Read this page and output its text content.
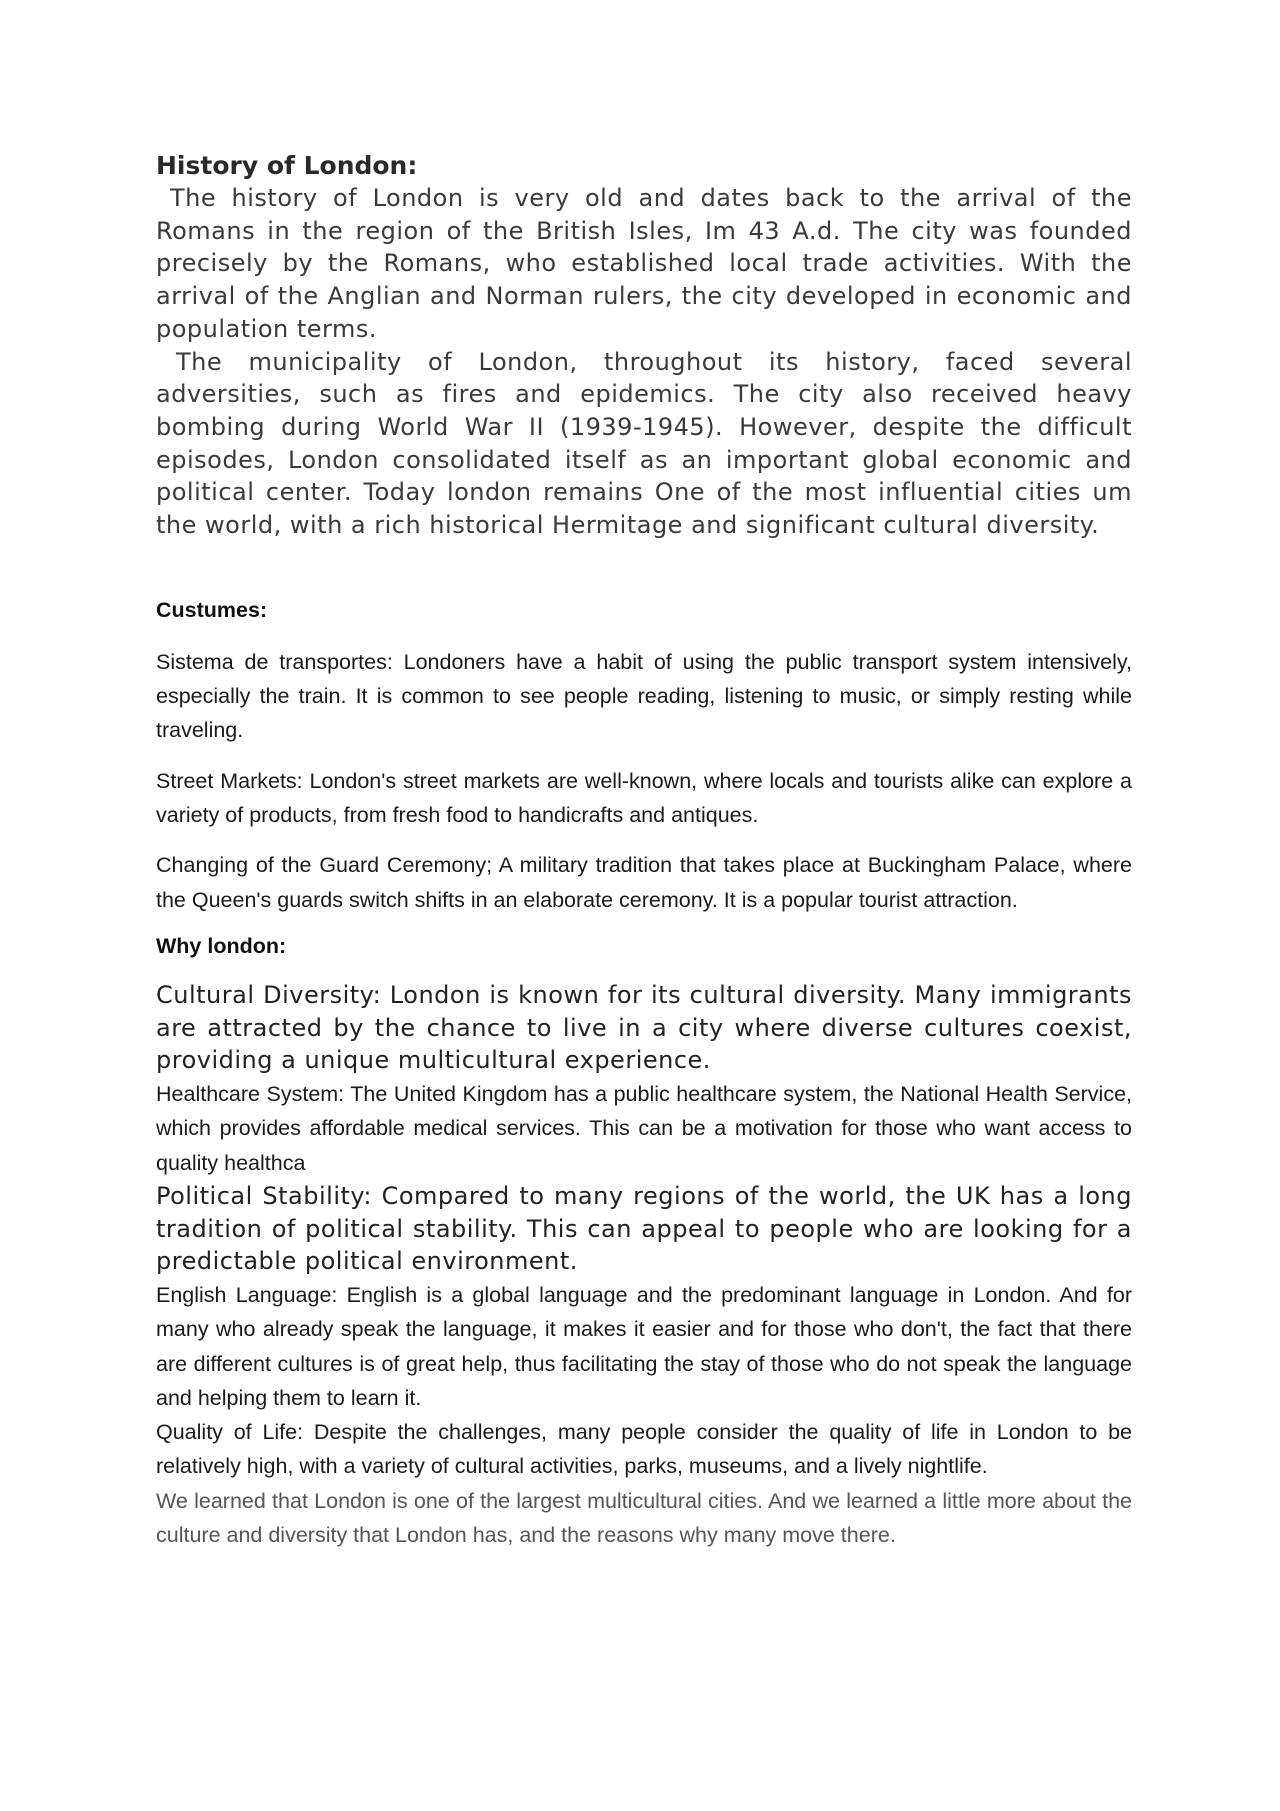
History of London:

The history of London is very old and dates back to the arrival of the Romans in the region of the British Isles, Im 43 A.d. The city was founded precisely by the Romans, who established local trade activities. With the arrival of the Anglian and Norman rulers, the city developed in economic and population terms.

The municipality of London, throughout its history, faced several adversities, such as fires and epidemics. The city also received heavy bombing during World War II (1939-1945). However, despite the difficult episodes, London consolidated itself as an important global economic and political center. Today london remains One of the most influential cities um the world, with a rich historical Hermitage and significant cultural diversity.

Custumes:

Sistema de transportes: Londoners have a habit of using the public transport system intensively, especially the train. It is common to see people reading, listening to music, or simply resting while traveling.

Street Markets: London's street markets are well-known, where locals and tourists alike can explore a variety of products, from fresh food to handicrafts and antiques.

Changing of the Guard Ceremony; A military tradition that takes place at Buckingham Palace, where the Queen's guards switch shifts in an elaborate ceremony. It is a popular tourist attraction.

Why london:

Cultural Diversity: London is known for its cultural diversity. Many immigrants are attracted by the chance to live in a city where diverse cultures coexist, providing a unique multicultural experience.

Healthcare System: The United Kingdom has a public healthcare system, the National Health Service, which provides affordable medical services. This can be a motivation for those who want access to quality healthca

Political Stability: Compared to many regions of the world, the UK has a long tradition of political stability. This can appeal to people who are looking for a predictable political environment.

English Language: English is a global language and the predominant language in London. And for many who already speak the language, it makes it easier and for those who don't, the fact that there are different cultures is of great help, thus facilitating the stay of those who do not speak the language and helping them to learn it.

Quality of Life: Despite the challenges, many people consider the quality of life in London to be relatively high, with a variety of cultural activities, parks, museums, and a lively nightlife.

We learned that London is one of the largest multicultural cities. And we learned a little more about the culture and diversity that London has, and the reasons why many move there.
